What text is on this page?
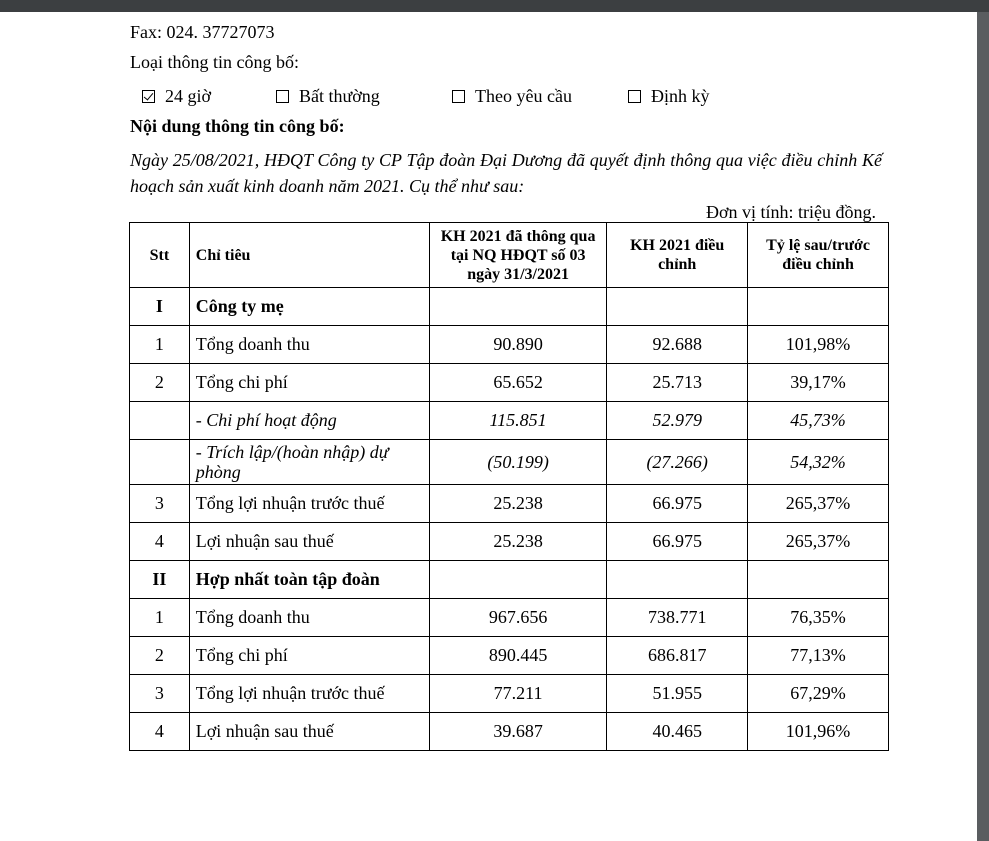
Fax: 024. 37727073
Loại thông tin công bố:
24 giờ	Bất thường	Theo yêu cầu	Định kỳ
Nội dung thông tin công bố:
Ngày 25/08/2021, HĐQT Công ty CP Tập đoàn Đại Dương đã quyết định thông qua việc điều chỉnh Kế hoạch sản xuất kinh doanh năm 2021. Cụ thể như sau:
Đơn vị tính: triệu đồng.
Stt	Chỉ tiêu	KH 2021 đã thông qua tại NQ HĐQT số 03 ngày 31/3/2021	KH 2021 điều chỉnh	Tỷ lệ sau/trước điều chỉnh
I	Công ty mẹ			
1	Tổng doanh thu	90.890	92.688	101,98%
2	Tổng chi phí	65.652	25.713	39,17%
	- Chi phí hoạt động	115.851	52.979	45,73%
	- Trích lập/(hoàn nhập) dự phòng	(50.199)	(27.266)	54,32%
3	Tổng lợi nhuận trước thuế	25.238	66.975	265,37%
4	Lợi nhuận sau thuế	25.238	66.975	265,37%
II	Hợp nhất toàn tập đoàn			
1	Tổng doanh thu	967.656	738.771	76,35%
2	Tổng chi phí	890.445	686.817	77,13%
3	Tổng lợi nhuận trước thuế	77.211	51.955	67,29%
4	Lợi nhuận sau thuế	39.687	40.465	101,96%
